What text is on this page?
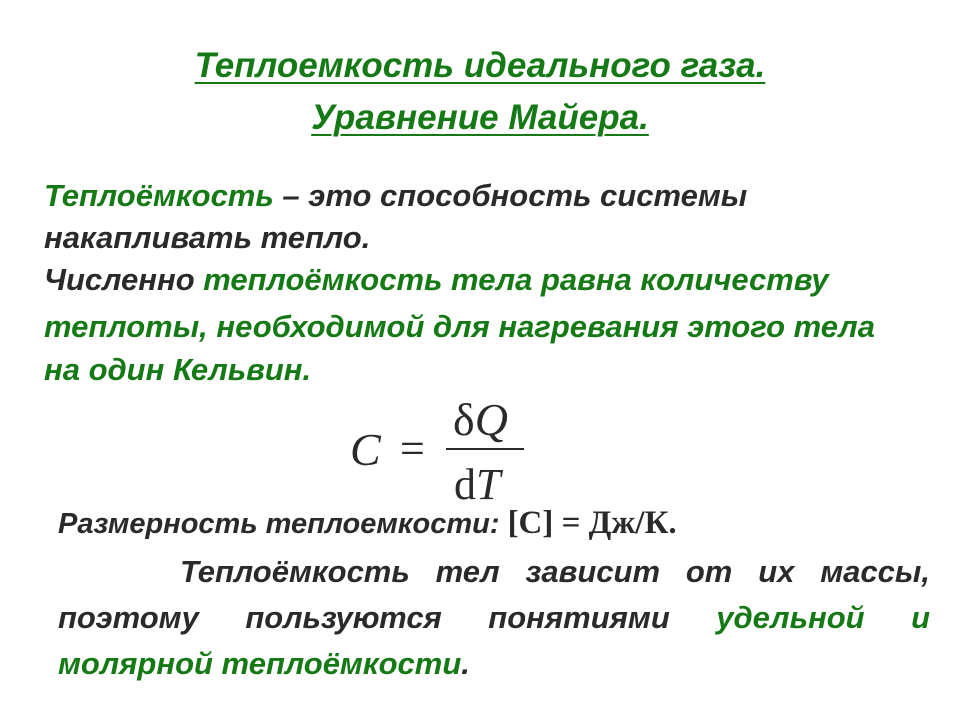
Теплоемкость идеального газа.
Уравнение Майера.
Теплоёмкость – это способность системы
накапливать тепло.
Численно теплоёмкость тела равна количеству
теплоты, необходимой для нагревания этого тела
на один Кельвин.
C =
δQ
dT
Размерность теплоемкости: [C] = Дж/К.
Теплоёмкость тел зависит от их массы,
поэтому пользуются понятиями удельной и
молярной теплоёмкости.
